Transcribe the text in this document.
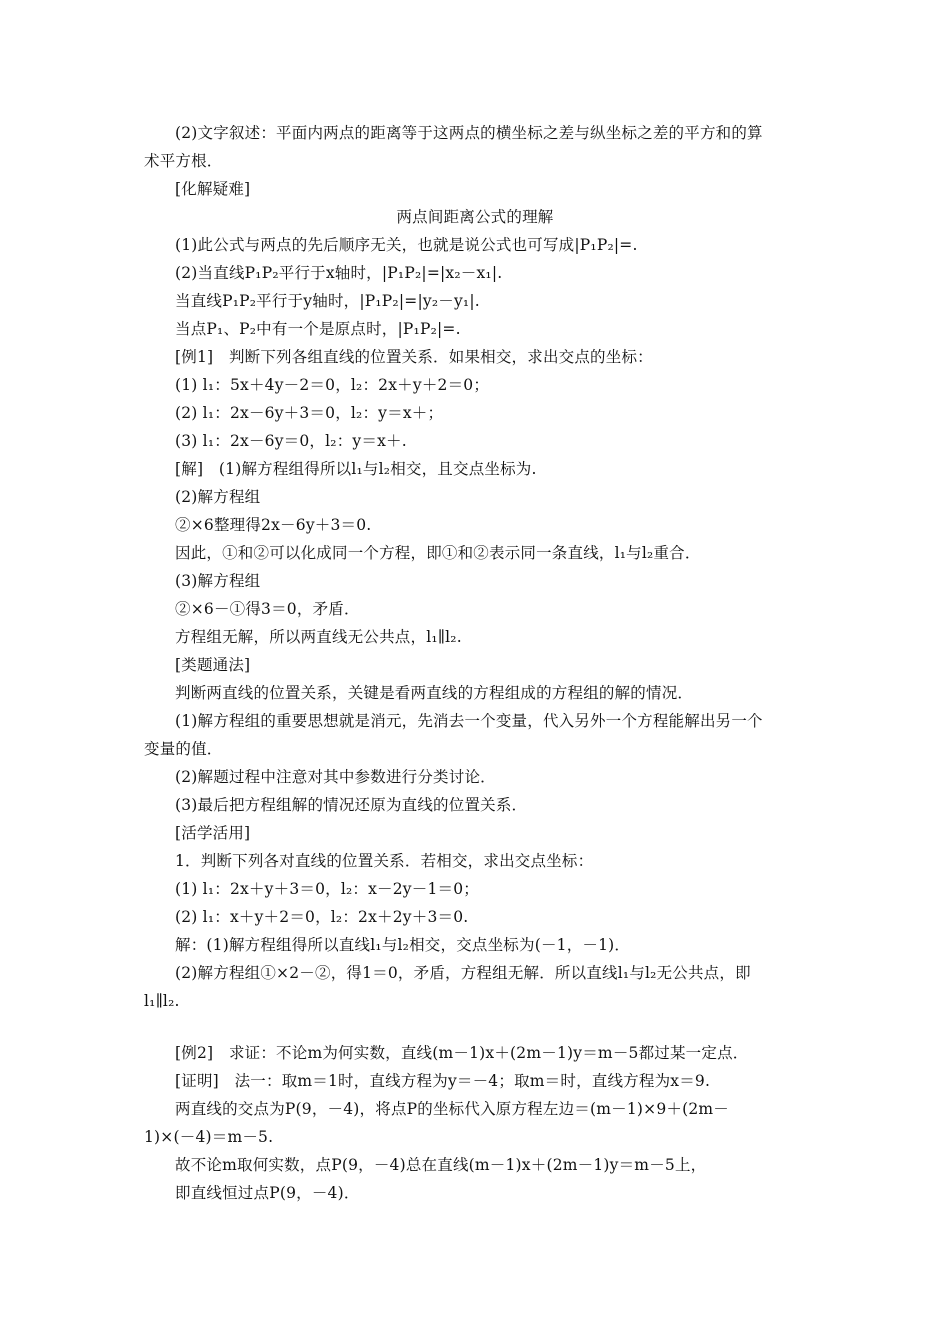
(2)文字叙述：平面内两点的距离等于这两点的横坐标之差与纵坐标之差的平方和的算
术平方根．
[化解疑难]
两点间距离公式的理解
(1)此公式与两点的先后顺序无关，也就是说公式也可写成|P₁P₂|=.
(2)当直线P₁P₂平行于x轴时，|P₁P₂|=|x₂－x₁|.
当直线P₁P₂平行于y轴时，|P₁P₂|=|y₂－y₁|.
当点P₁、P₂中有一个是原点时，|P₁P₂|=.
[例1]　判断下列各组直线的位置关系．如果相交，求出交点的坐标：
(1) l₁：5x＋4y－2＝0，l₂：2x＋y＋2＝0；
(2) l₁：2x－6y＋3＝0，l₂：y＝x＋；
(3) l₁：2x－6y＝0，l₂：y＝x＋.
[解]　(1)解方程组得所以l₁与l₂相交，且交点坐标为.
(2)解方程组
②×6整理得2x－6y＋3＝0.
因此，①和②可以化成同一个方程，即①和②表示同一条直线，l₁与l₂重合．
(3)解方程组
②×6－①得3＝0，矛盾．
方程组无解，所以两直线无公共点，l₁∥l₂.
[类题通法]
判断两直线的位置关系，关键是看两直线的方程组成的方程组的解的情况．
(1)解方程组的重要思想就是消元，先消去一个变量，代入另外一个方程能解出另一个
变量的值．
(2)解题过程中注意对其中参数进行分类讨论．
(3)最后把方程组解的情况还原为直线的位置关系．
[活学活用]
1．判断下列各对直线的位置关系．若相交，求出交点坐标：
(1) l₁：2x＋y＋3＝0，l₂：x－2y－1＝0；
(2) l₁：x＋y＋2＝0，l₂：2x＋2y＋3＝0.
解：(1)解方程组得所以直线l₁与l₂相交，交点坐标为(－1，－1)．
(2)解方程组①×2－②，得1＝0，矛盾，方程组无解．所以直线l₁与l₂无公共点，即
l₁∥l₂.
[例2]　求证：不论m为何实数，直线(m－1)x＋(2m－1)y＝m－5都过某一定点．
[证明]　法一：取m＝1时，直线方程为y＝－4；取m＝时，直线方程为x＝9.
两直线的交点为P(9，－4)，将点P的坐标代入原方程左边＝(m－1)×9＋(2m－
1)×(－4)＝m－5.
故不论m取何实数，点P(9，－4)总在直线(m－1)x＋(2m－1)y＝m－5上，
即直线恒过点P(9，－4)．
